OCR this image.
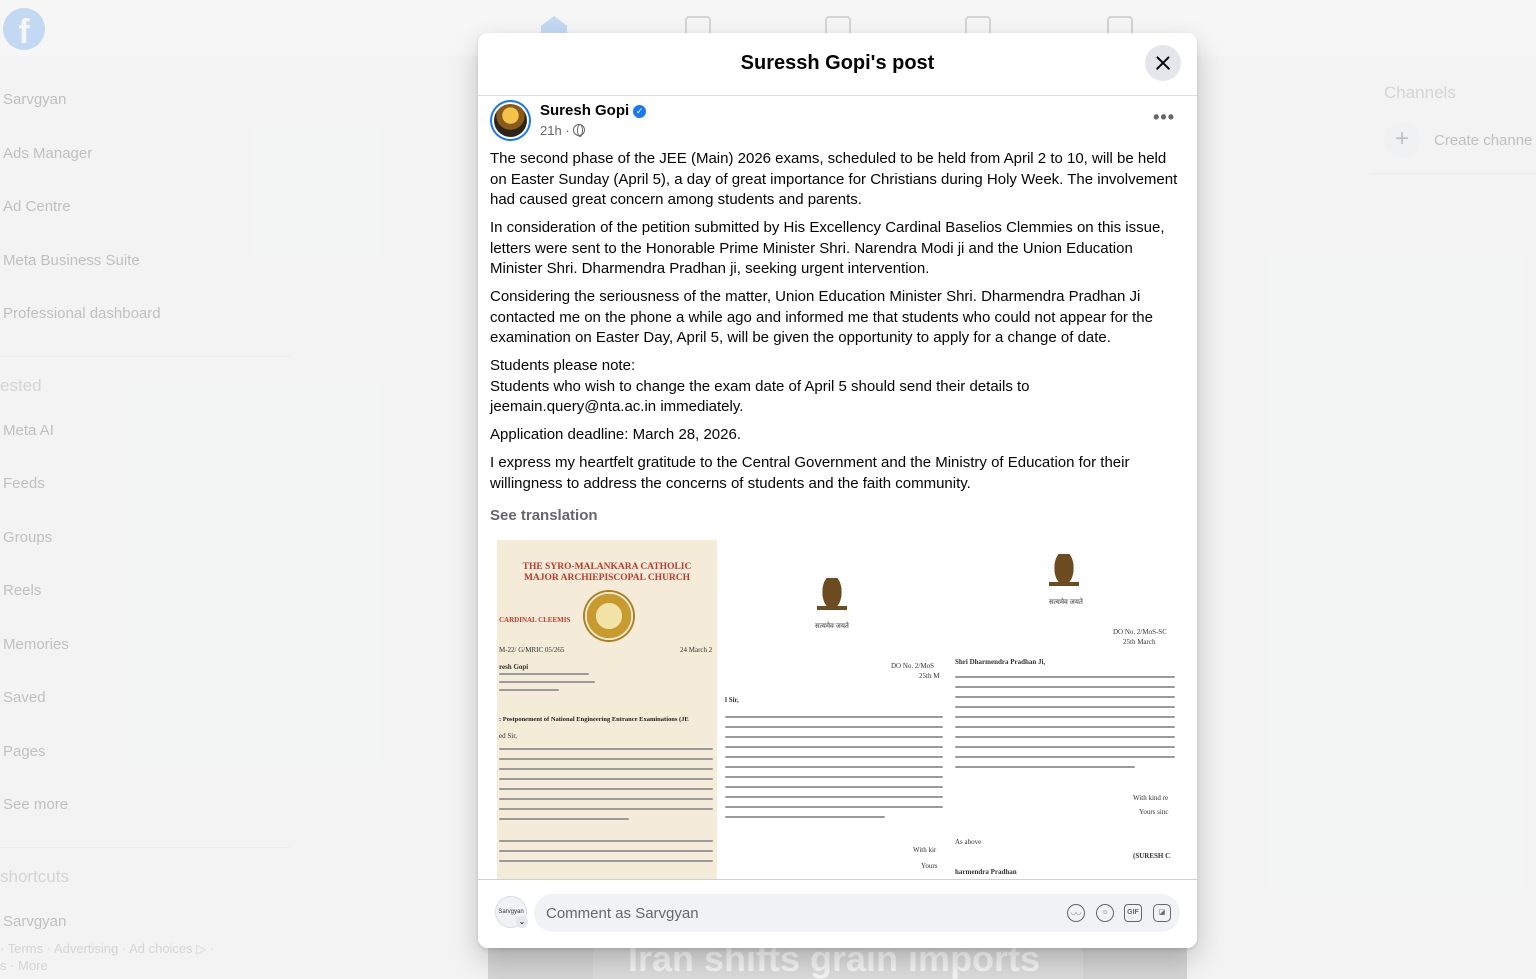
Suressh Gopi's post
Suresh Gopi ✓
21h ·
•••

The second phase of the JEE (Main) 2026 exams, scheduled to be held from April 2 to 10, will be held on Easter Sunday (April 5), a day of great importance for Christians during Holy Week. The involvement had caused great concern among students and parents.

In consideration of the petition submitted by His Excellency Cardinal Baselios Clemmies on this issue, letters were sent to the Honorable Prime Minister Shri. Narendra Modi ji and the Union Education Minister Shri. Dharmendra Pradhan ji, seeking urgent intervention.

Considering the seriousness of the matter, Union Education Minister Shri. Dharmendra Pradhan Ji contacted me on the phone a while ago and informed me that students who could not appear for the examination on Easter Day, April 5, will be given the opportunity to apply for a change of date.

Students please note:

Students who wish to change the exam date of April 5 should send their details to jeemain.query@nta.ac.in immediately.

Application deadline: March 28, 2026.

I express my heartfelt gratitude to the Central Government and the Ministry of Education for their willingness to address the concerns of students and the faith community.

See translation
THE SYRO-MALANKARA CATHOLIC
MAJOR ARCHIEPISCOPAL CHURCH
CARDINAL CLEEMIS
M-22/ G/MRIC 05/265	24 March 2
resh Gopi
: Postponement of National Engineering Entrance Examinations (JE
ed Sir,
सत्यमेव जयते
DO No. 2/MoS
25th M
l Sir,
With kir
Yours
सत्यमेव जयते
DO No. 2/MoS-SC
25th March
Shri Dharmendra Pradhan Ji,
With kind re
Yours sinc
As above
(SURESH C
harmendra Pradhan
Sarvgyan
⌄
Comment as Sarvgyan
◡◡	☺	GIF	◪
